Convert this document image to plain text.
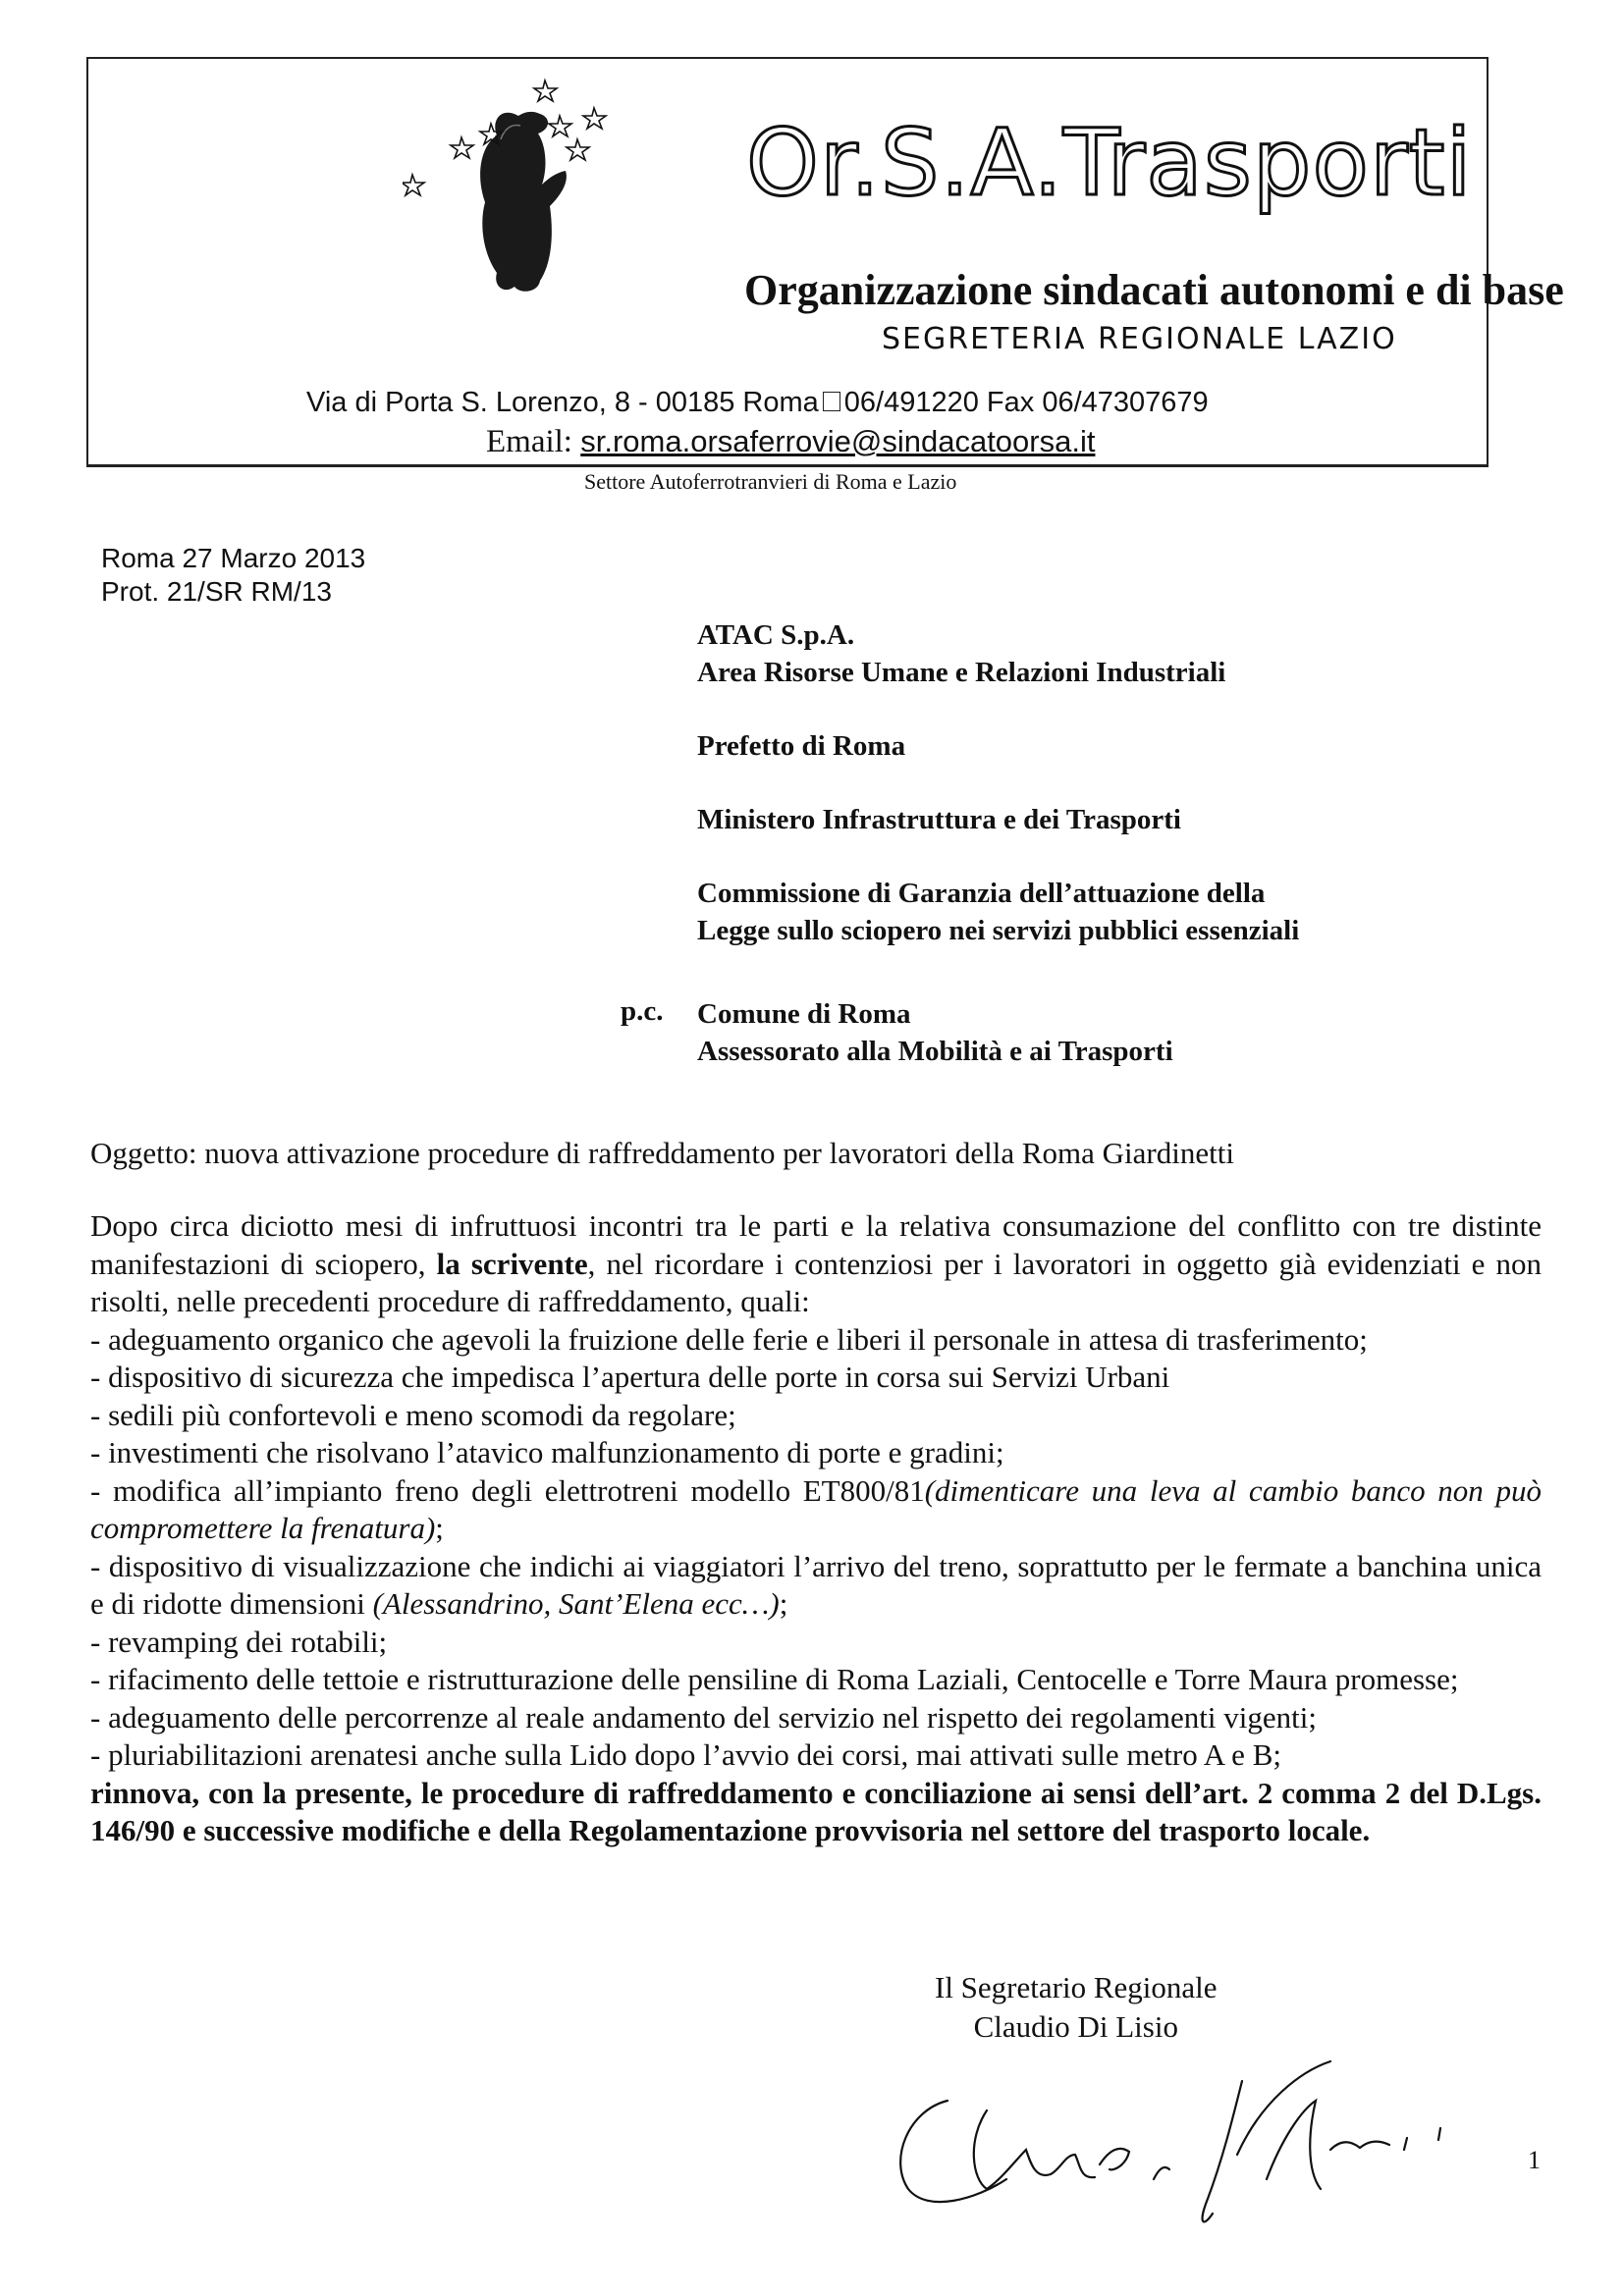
Or.S.A.Trasporti
Organizzazione sindacati autonomi e di base
SEGRETERIA REGIONALE LAZIO
Via di Porta S. Lorenzo, 8 - 00185 Roma 06/491220 Fax 06/47307679
Email: sr.roma.orsaferrovie@sindacatoorsa.it
Settore Autoferrotranvieri di Roma e Lazio
Roma 27 Marzo 2013
Prot. 21/SR RM/13
ATAC S.p.A.
Area Risorse Umane e Relazioni Industriali
Prefetto di Roma
Ministero Infrastruttura e dei Trasporti
Commissione di Garanzia dell’attuazione della
Legge sullo sciopero nei servizi pubblici essenziali
p.c. Comune di Roma
Assessorato alla Mobilità e ai Trasporti
Oggetto: nuova attivazione procedure di raffreddamento per lavoratori della Roma Giardinetti

Dopo circa diciotto mesi di infruttuosi incontri tra le parti e la relativa consumazione del conflitto con tre distinte manifestazioni di sciopero, la scrivente, nel ricordare i contenziosi per i lavoratori in oggetto già evidenziati e non risolti, nelle precedenti procedure di raffreddamento, quali:

- adeguamento organico che agevoli la fruizione delle ferie e liberi il personale in attesa di trasferimento;

- dispositivo di sicurezza che impedisca l’apertura delle porte in corsa sui Servizi Urbani

- sedili più confortevoli e meno scomodi da regolare;

- investimenti che risolvano l’atavico malfunzionamento di porte e gradini;

- modifica all’impianto freno degli elettrotreni modello ET800/81(dimenticare una leva al cambio banco non può compromettere la frenatura);

- dispositivo di visualizzazione che indichi ai viaggiatori l’arrivo del treno, soprattutto per le fermate a banchina unica e di ridotte dimensioni (Alessandrino, Sant’Elena ecc…);

- revamping dei rotabili;

- rifacimento delle tettoie e ristrutturazione delle pensiline di Roma Laziali, Centocelle e Torre Maura promesse;

- adeguamento delle percorrenze al reale andamento del servizio nel rispetto dei regolamenti vigenti;

- pluriabilitazioni arenatesi anche sulla Lido dopo l’avvio dei corsi, mai attivati sulle metro A e B;

rinnova, con la presente, le procedure di raffreddamento e conciliazione ai sensi dell’art. 2 comma 2 del D.Lgs. 146/90 e successive modifiche e della Regolamentazione provvisoria nel settore del trasporto locale.

Il Segretario Regionale
Claudio Di Lisio
1
